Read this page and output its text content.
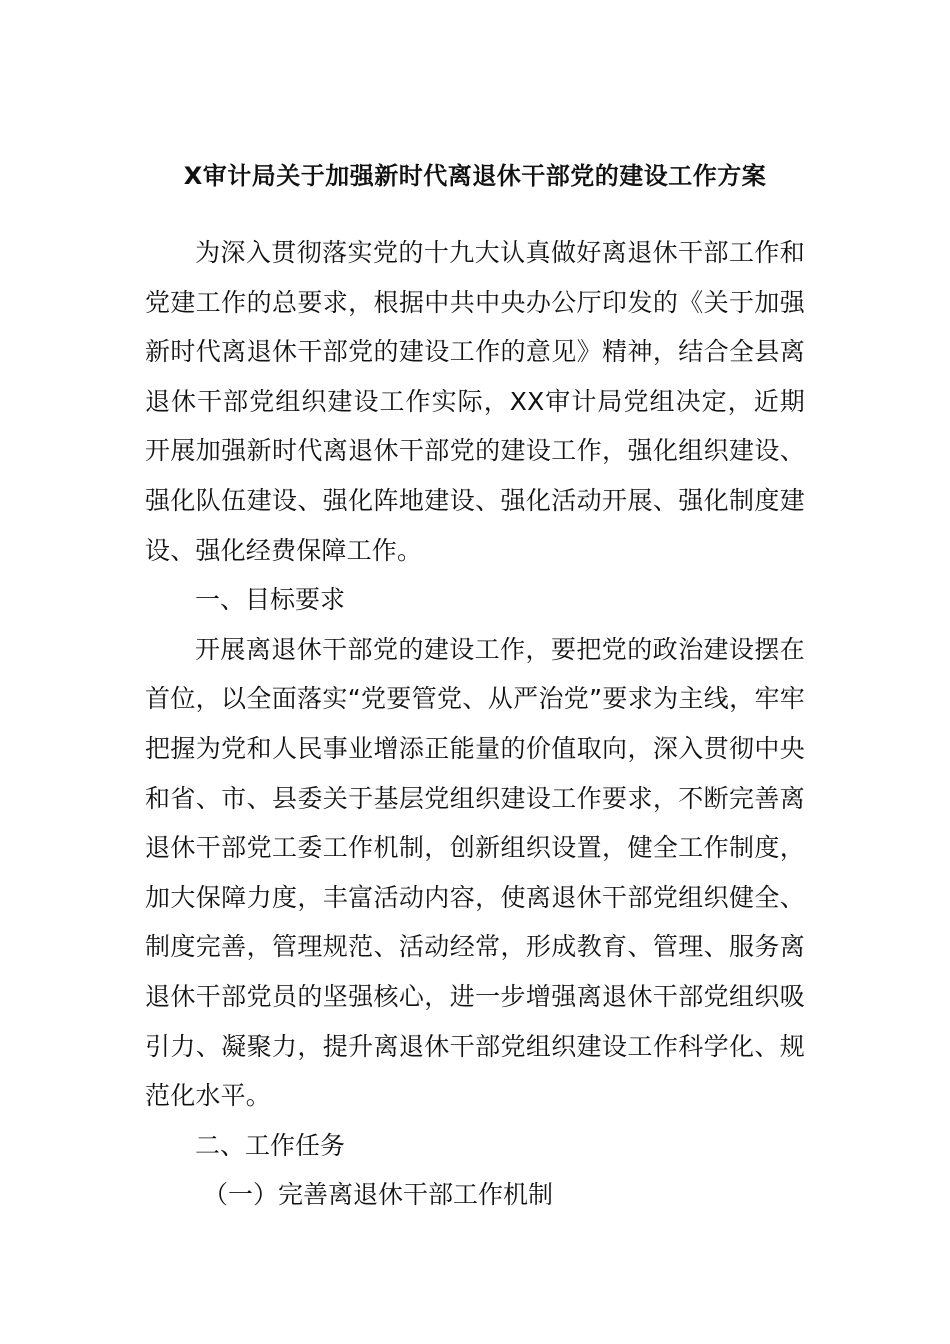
X审计局关于加强新时代离退休干部党的建设工作方案

为深入贯彻落实党的十九大认真做好离退休干部工作和党建工作的总要求，根据中共中央办公厅印发的《关于加强新时代离退休干部党的建设工作的意见》精神，结合全县离退休干部党组织建设工作实际，XX审计局党组决定，近期开展加强新时代离退休干部党的建设工作，强化组织建设、强化队伍建设、强化阵地建设、强化活动开展、强化制度建设、强化经费保障工作。

一、目标要求

开展离退休干部党的建设工作，要把党的政治建设摆在首位，以全面落实“党要管党、从严治党”要求为主线，牢牢把握为党和人民事业增添正能量的价值取向，深入贯彻中央和省、市、县委关于基层党组织建设工作要求，不断完善离退休干部党工委工作机制，创新组织设置，健全工作制度，加大保障力度，丰富活动内容，使离退休干部党组织健全、制度完善，管理规范、活动经常，形成教育、管理、服务离退休干部党员的坚强核心，进一步增强离退休干部党组织吸引力、凝聚力，提升离退休干部党组织建设工作科学化、规范化水平。

二、工作任务

（一）完善离退休干部工作机制
